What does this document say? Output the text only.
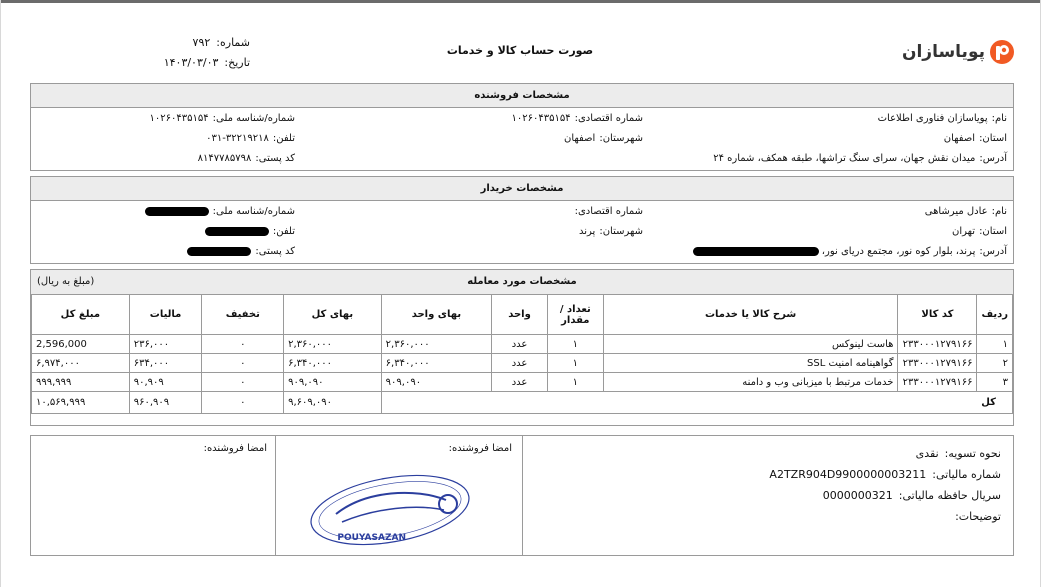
پویاسازان
صورت حساب کالا و خدمات
شماره:
۷۹۲
تاریخ:
۱۴۰۳/۰۳/۰۳
مشخصات فروشنده
نام:پویاسازان فناوری اطلاعات
شماره اقتصادی:۱۰۲۶۰۴۳۵۱۵۴
شماره/شناسه ملی:۱۰۲۶۰۴۳۵۱۵۴
استان:اصفهان
شهرستان:اصفهان
تلفن:۰۳۱-۳۲۲۱۹۲۱۸
آدرس:میدان نقش جهان، سرای سنگ تراشها، طبقه همکف، شماره ۲۴
کد پستی:۸۱۴۷۷۸۵۷۹۸
مشخصات خریدار
نام:عادل میرشاهی
شماره اقتصادی:
شماره/شناسه ملی:
استان:تهران
شهرستان:پرند
تلفن:
آدرس:پرند، بلوار کوه نور، مجتمع دریای نور،
کد پستی:
مشخصات مورد معامله
(مبلغ به ریال)
ردیف	کد کالا	شرح کالا یا خدمات	تعداد / مقدار	واحد	بهای واحد	بهای کل	تخفیف	مالیات	مبلغ کل
۱	۲۳۳۰۰۰۱۲۷۹۱۶۶	هاست لینوکس	۱	عدد	۲,۳۶۰,۰۰۰	۲,۳۶۰,۰۰۰	۰	۲۳۶,۰۰۰	2,596,000
۲	۲۳۳۰۰۰۱۲۷۹۱۶۶	گواهینامه امنیت SSL	۱	عدد	۶,۳۴۰,۰۰۰	۶,۳۴۰,۰۰۰	۰	۶۳۴,۰۰۰	۶,۹۷۴,۰۰۰
۳	۲۳۳۰۰۰۱۲۷۹۱۶۶	خدمات مرتبط با میزبانی وب و دامنه	۱	عدد	۹۰۹,۰۹۰	۹۰۹,۰۹۰	۰	۹۰,۹۰۹	۹۹۹,۹۹۹
کل						۹,۶۰۹,۰۹۰	۰	۹۶۰,۹۰۹	۱۰,۵۶۹,۹۹۹
نحوه تسویه:
نقدی
شماره مالیاتی:
A2TZR904D9900000003211
سریال حافظه مالیاتی:
0000000321
توضیحات:
امضا فروشنده:
POUYASAZAN
امضا فروشنده:
